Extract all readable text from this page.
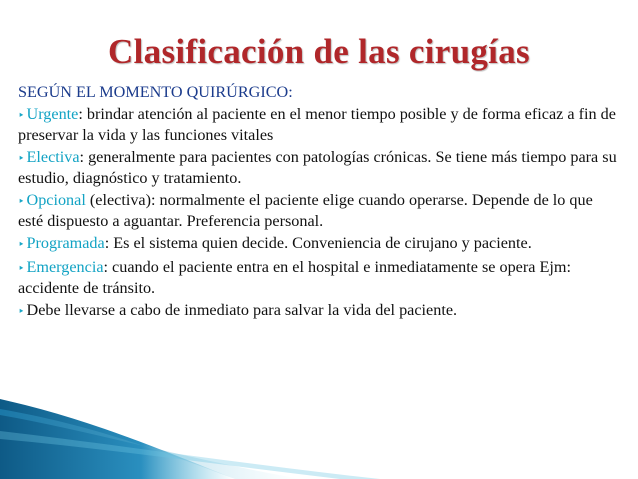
Clasificación de las cirugías
SEGÚN EL MOMENTO QUIRÚRGICO:
‣ Urgente: brindar atención al paciente en el menor tiempo posible y de forma eficaz a fin de preservar la vida y las funciones vitales
‣ Electiva: generalmente para pacientes con patologías crónicas. Se tiene más tiempo para su estudio, diagnóstico y tratamiento.
‣ Opcional (electiva): normalmente el paciente elige cuando operarse. Depende de lo que esté dispuesto a aguantar. Preferencia personal.
‣ Programada: Es el sistema quien decide. Conveniencia de cirujano y paciente.
‣ Emergencia: cuando el paciente entra en el hospital e inmediatamente se opera Ejm: accidente de tránsito.
‣ Debe llevarse a cabo de inmediato para salvar la vida del paciente.
